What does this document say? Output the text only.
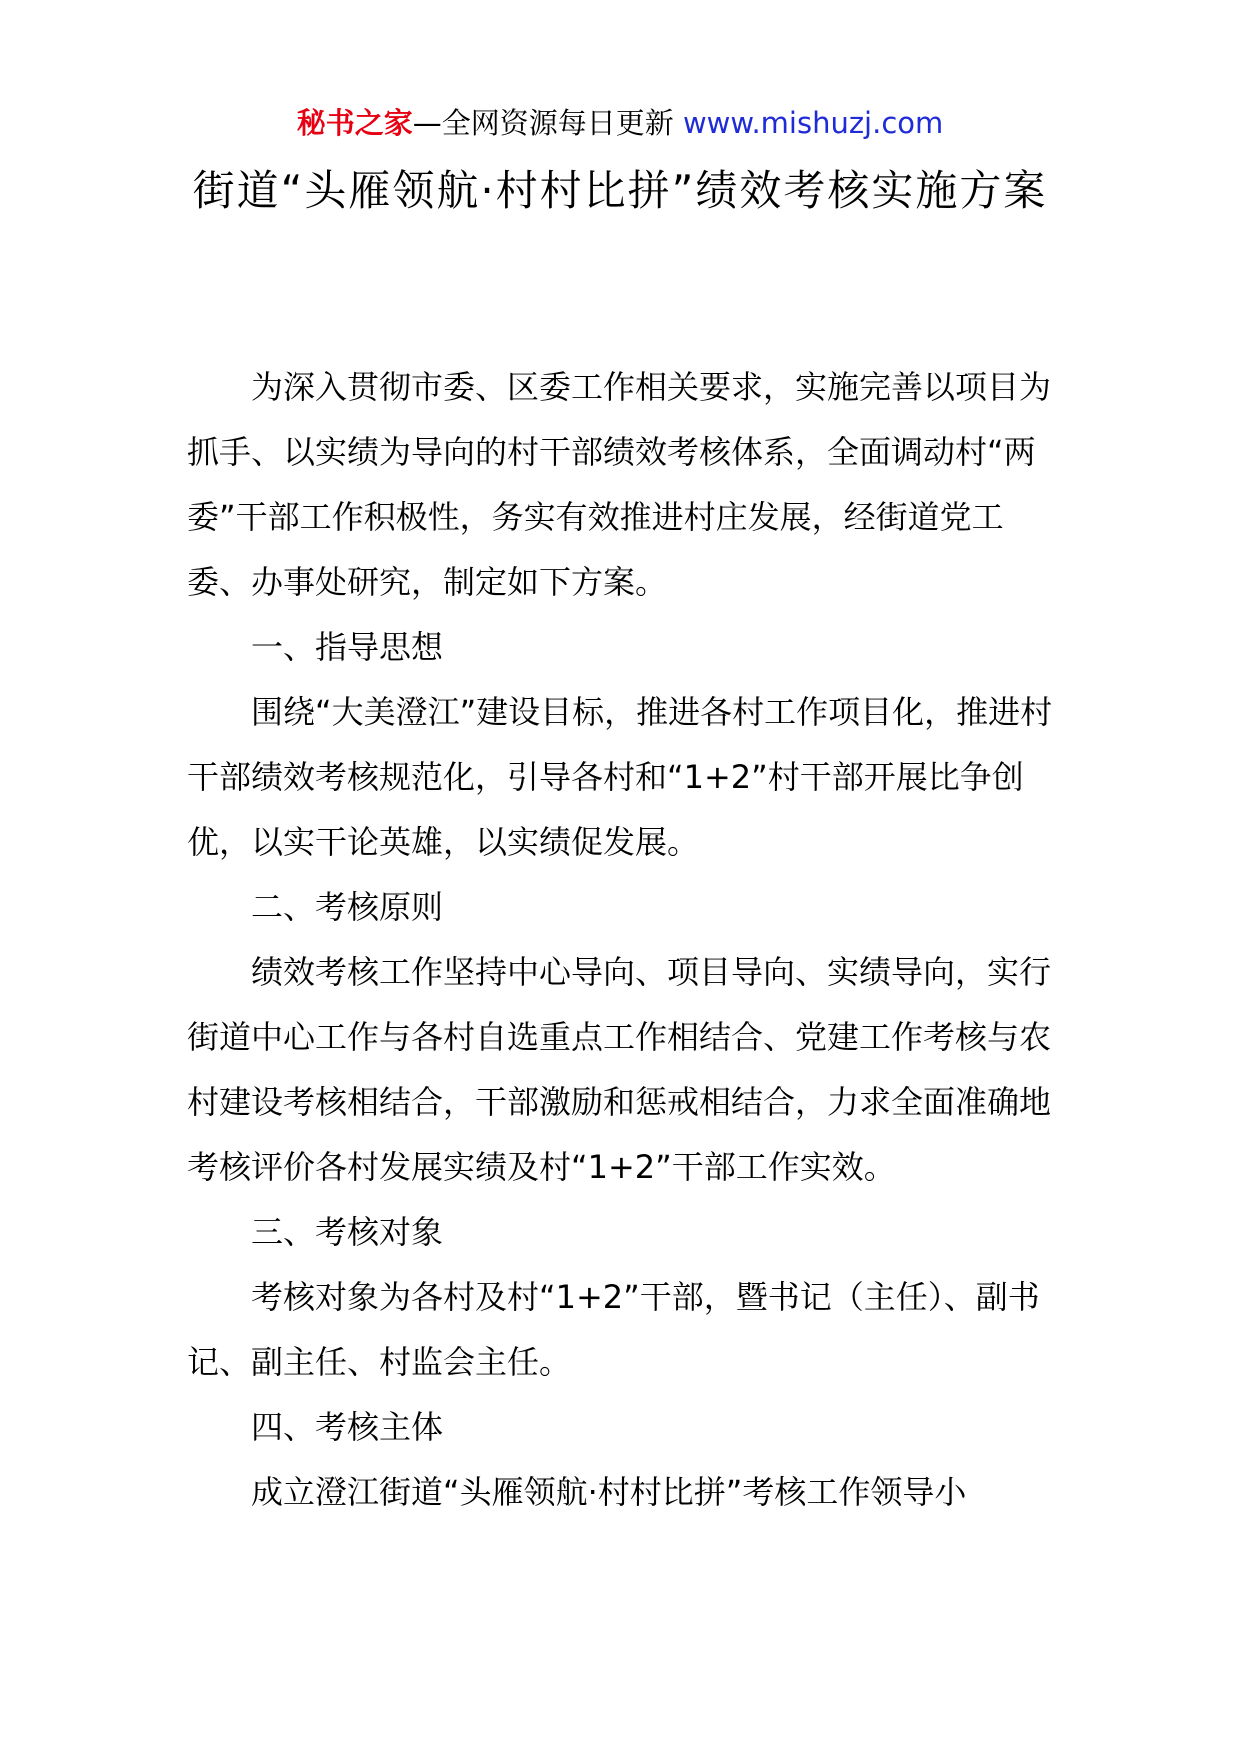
秘书之家—全网资源每日更新 www.mishuzj.com
街道“头雁领航·村村比拼”绩效考核实施方案

为深入贯彻市委、区委工作相关要求，实施完善以项目为抓手、以实绩为导向的村干部绩效考核体系，全面调动村“两委”干部工作积极性，务实有效推进村庄发展，经街道党工委、办事处研究，制定如下方案。

一、指导思想

围绕“大美澄江”建设目标，推进各村工作项目化，推进村干部绩效考核规范化，引导各村和“1+2”村干部开展比争创优，以实干论英雄，以实绩促发展。

二、考核原则

绩效考核工作坚持中心导向、项目导向、实绩导向，实行街道中心工作与各村自选重点工作相结合、党建工作考核与农村建设考核相结合，干部激励和惩戒相结合，力求全面准确地考核评价各村发展实绩及村“1+2”干部工作实效。

三、考核对象

考核对象为各村及村“1+2”干部，暨书记（主任）、副书记、副主任、村监会主任。

四、考核主体

成立澄江街道“头雁领航·村村比拼”考核工作领导小
